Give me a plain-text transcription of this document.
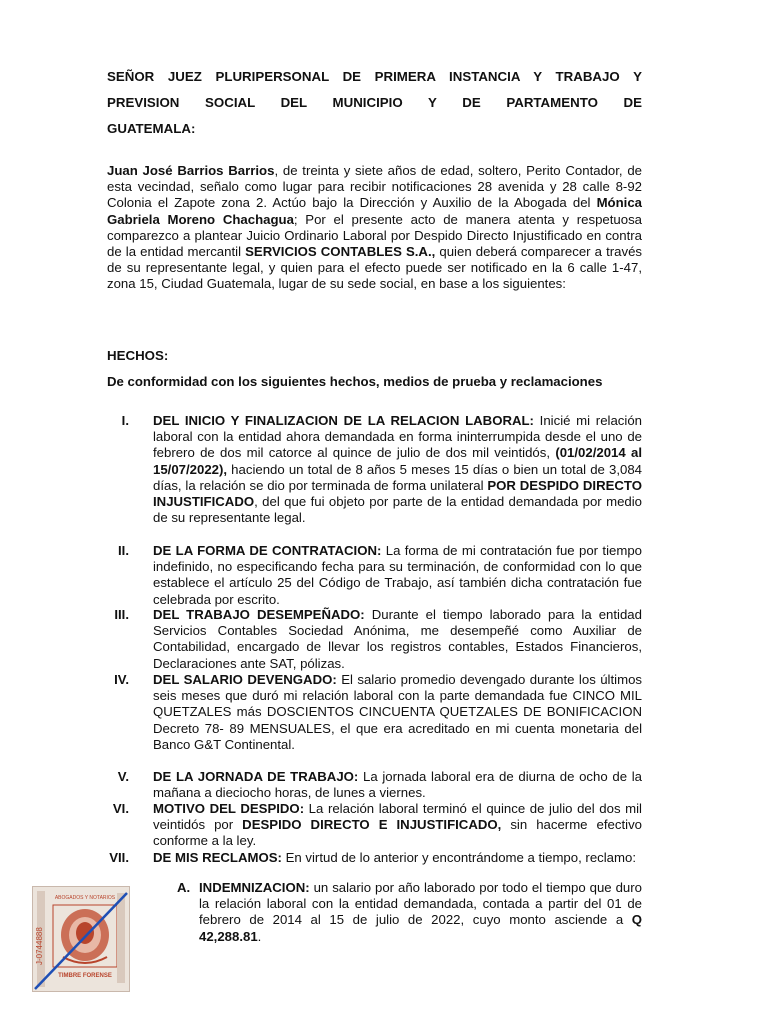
SEÑOR JUEZ PLURIPERSONAL DE PRIMERA INSTANCIA Y TRABAJO Y
PREVISION SOCIAL DEL MUNICIPIO Y DE PARTAMENTO DE
GUATEMALA:
Juan José Barrios Barrios, de treinta y siete años de edad, soltero, Perito Contador, de esta vecindad, señalo como lugar para recibir notificaciones 28 avenida y 28 calle 8-92 Colonia el Zapote zona 2. Actúo bajo la Dirección y Auxilio de la Abogada del Mónica Gabriela Moreno Chachagua; Por el presente acto de manera atenta y respetuosa comparezco a plantear Juicio Ordinario Laboral por Despido Directo Injustificado en contra de la entidad mercantil SERVICIOS CONTABLES S.A., quien deberá comparecer a través de su representante legal, y quien para el efecto puede ser notificado en la 6 calle 1-47, zona 15, Ciudad Guatemala, lugar de su sede social, en base a los siguientes:
HECHOS:
De conformidad con los siguientes hechos, medios de prueba y reclamaciones
I. DEL INICIO Y FINALIZACION DE LA RELACION LABORAL: Inicié mi relación laboral con la entidad ahora demandada en forma ininterrumpida desde el uno de febrero de dos mil catorce al quince de julio de dos mil veintidós, (01/02/2014 al 15/07/2022), haciendo un total de 8 años 5 meses 15 días o bien un total de 3,084 días, la relación se dio por terminada de forma unilateral POR DESPIDO DIRECTO INJUSTIFICADO, del que fui objeto por parte de la entidad demandada por medio de su representante legal.
II. DE LA FORMA DE CONTRATACION: La forma de mi contratación fue por tiempo indefinido, no especificando fecha para su terminación, de conformidad con lo que establece el artículo 25 del Código de Trabajo, así también dicha contratación fue celebrada por escrito.
III. DEL TRABAJO DESEMPEÑADO: Durante el tiempo laborado para la entidad Servicios Contables Sociedad Anónima, me desempeñé como Auxiliar de Contabilidad, encargado de llevar los registros contables, Estados Financieros, Declaraciones ante SAT, pólizas.
IV. DEL SALARIO DEVENGADO: El salario promedio devengado durante los últimos seis meses que duró mi relación laboral con la parte demandada fue CINCO MIL QUETZALES más DOSCIENTOS CINCUENTA QUETZALES DE BONIFICACION Decreto 78- 89 MENSUALES, el que era acreditado en mi cuenta monetaria del Banco G&T Continental.
V. DE LA JORNADA DE TRABAJO: La jornada laboral era de diurna de ocho de la mañana a dieciocho horas, de lunes a viernes.
VI. MOTIVO DEL DESPIDO: La relación laboral terminó el quince de julio del dos mil veintidós por DESPIDO DIRECTO E INJUSTIFICADO, sin hacerme efectivo conforme a la ley.
VII. DE MIS RECLAMOS: En virtud de lo anterior y encontrándome a tiempo, reclamo:
A. INDEMNIZACION: un salario por año laborado por todo el tiempo que duro la relación laboral con la entidad demandada, contada a partir del 01 de febrero de 2014 al 15 de julio de 2022, cuyo monto asciende a Q 42,288.81.
J-0744888
ABOGADOS Y NOTARIOS
TIMBRE FORENSE
